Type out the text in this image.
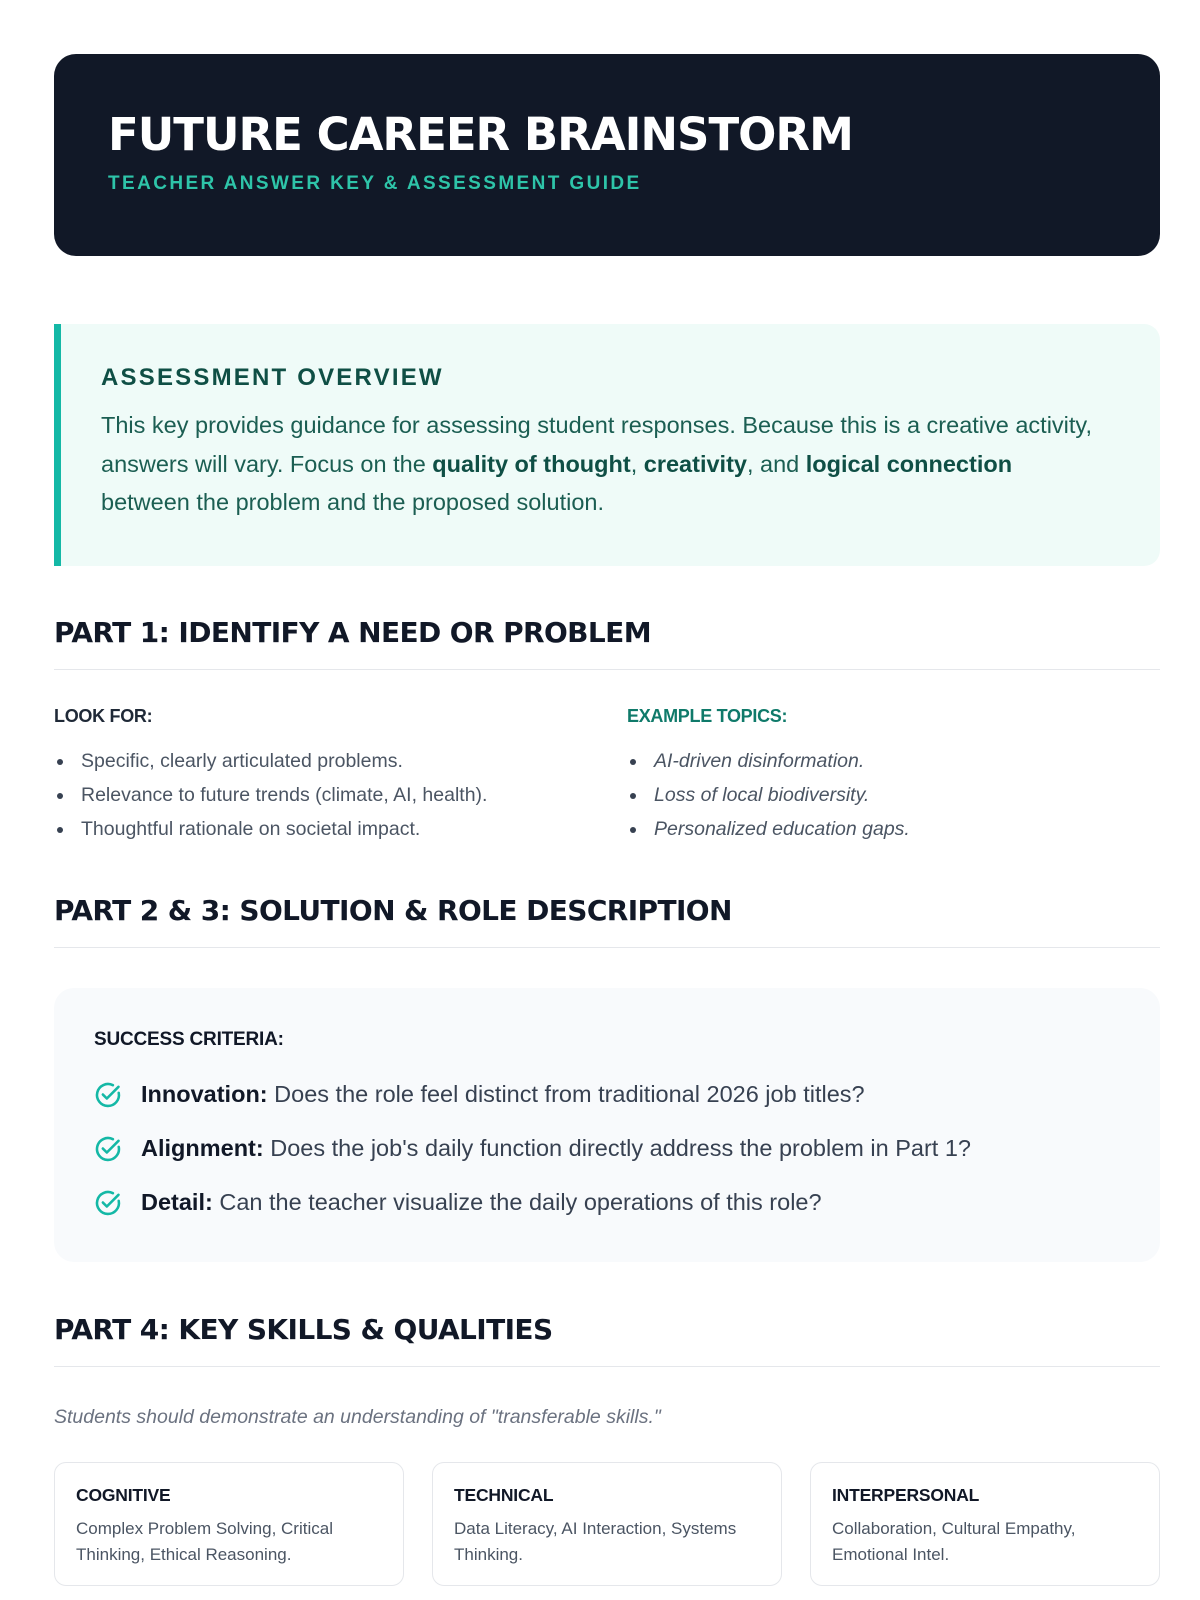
FUTURE CAREER BRAINSTORM
TEACHER ANSWER KEY & ASSESSMENT GUIDE
ASSESSMENT OVERVIEW

This key provides guidance for assessing student responses. Because this is a creative activity, answers will vary. Focus on the quality of thought, creativity, and logical connection between the problem and the proposed solution.

PART 1: IDENTIFY A NEED OR PROBLEM
LOOK FOR:
Specific, clearly articulated problems.
Relevance to future trends (climate, AI, health).
Thoughtful rationale on societal impact.
EXAMPLE TOPICS:
AI-driven disinformation.
Loss of local biodiversity.
Personalized education gaps.
PART 2 & 3: SOLUTION & ROLE DESCRIPTION
SUCCESS CRITERIA:
Innovation: Does the role feel distinct from traditional 2026 job titles?
Alignment: Does the job's daily function directly address the problem in Part 1?
Detail: Can the teacher visualize the daily operations of this role?
PART 4: KEY SKILLS & QUALITIES
Students should demonstrate an understanding of "transferable skills."
COGNITIVE
Complex Problem Solving, Critical Thinking, Ethical Reasoning.
TECHNICAL
Data Literacy, AI Interaction, Systems Thinking.
INTERPERSONAL
Collaboration, Cultural Empathy, Emotional Intel.
